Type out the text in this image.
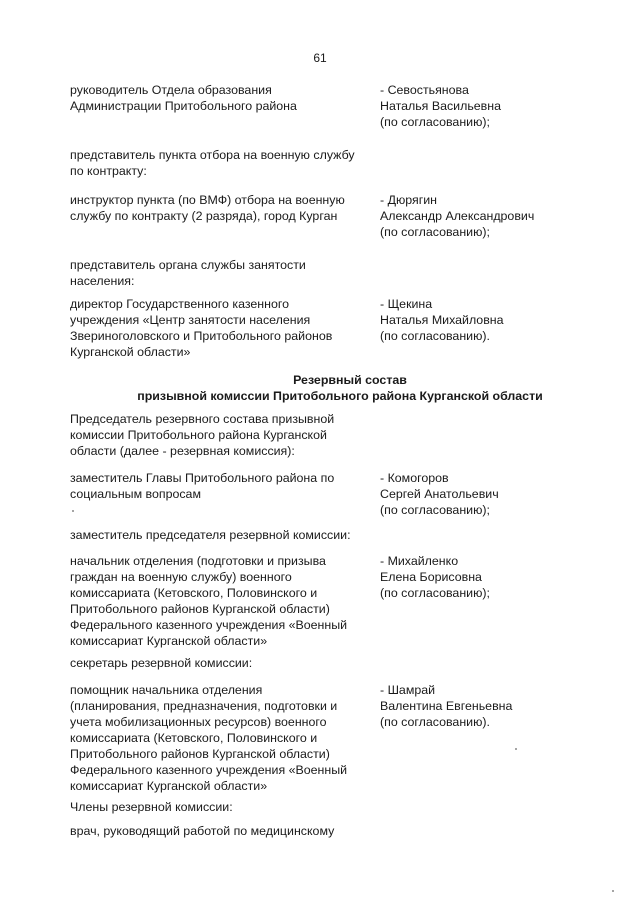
61
руководитель Отдела образования
Администрации Притобольного района
- Севостьянова
Наталья Васильевна
(по согласованию);
представитель пункта отбора на военную службу
по контракту:
инструктор пункта (по ВМФ) отбора на военную
службу по контракту (2 разряда), город Курган
- Дюрягин
Александр Александрович
(по согласованию);
представитель органа службы занятости
населения:
директор Государственного казенного
учреждения «Центр занятости населения
Звериноголовского и Притобольного районов
Курганской области»
- Щекина
Наталья Михайловна
(по согласованию).
Резервный состав
призывной комиссии Притобольного района Курганской области
Председатель резервного состава призывной
комиссии Притобольного района Курганской
области (далее - резервная комиссия):
заместитель Главы Притобольного района по
социальным вопросам
- Комогоров
Сергей Анатольевич
(по согласованию);
заместитель председателя резервной комиссии:
начальник отделения (подготовки и призыва
граждан на военную службу) военного
комиссариата (Кетовского, Половинского и
Притобольного районов Курганской области)
Федерального казенного учреждения «Военный
комиссариат Курганской области»
- Михайленко
Елена Борисовна
(по согласованию);
секретарь резервной комиссии:
помощник начальника отделения
(планирования, предназначения, подготовки и
учета мобилизационных ресурсов) военного
комиссариата (Кетовского, Половинского и
Притобольного районов Курганской области)
Федерального казенного учреждения «Военный
комиссариат Курганской области»
- Шамрай
Валентина Евгеньевна
(по согласованию).
Члены резервной комиссии:
врач, руководящий работой по медицинскому
